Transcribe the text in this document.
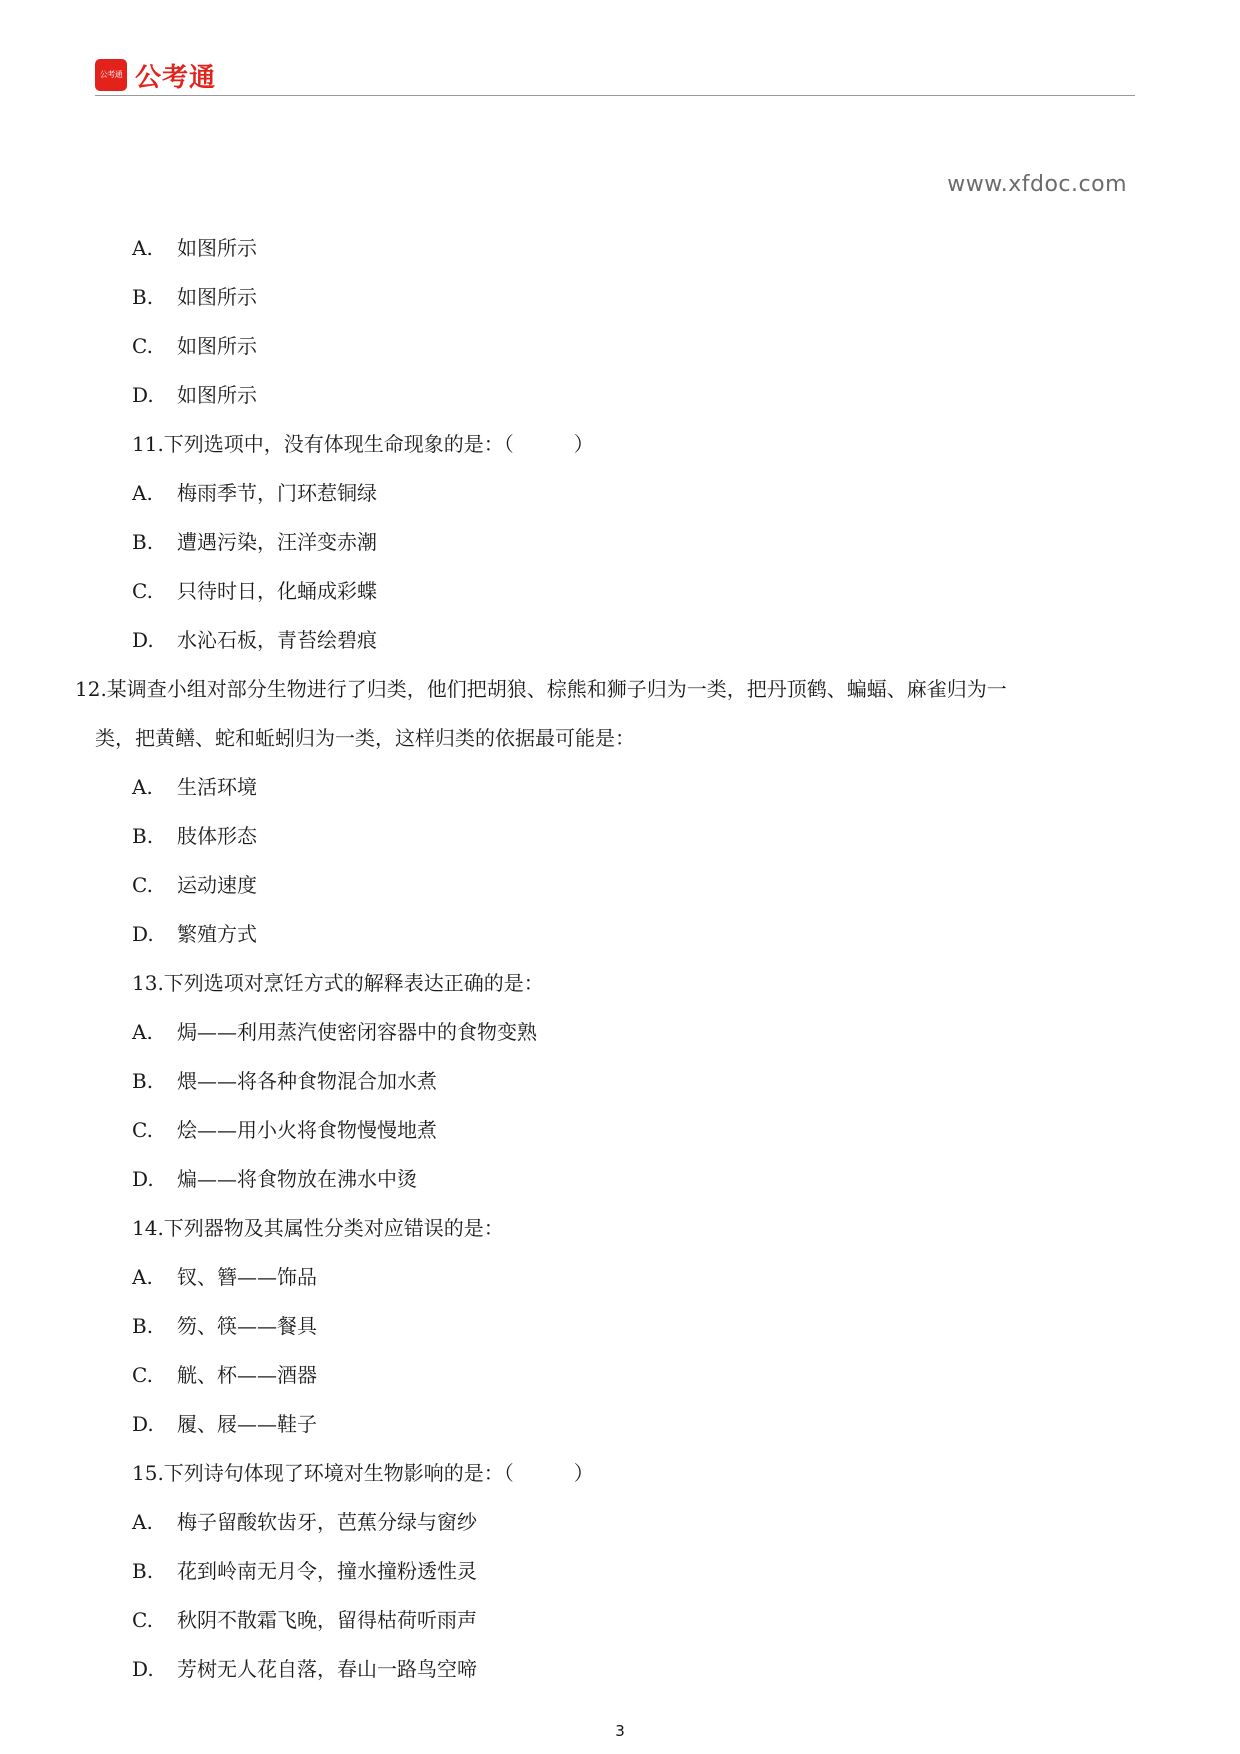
公考通 公考通
www.xfdoc.com
A. 如图所示
B. 如图所示
C. 如图所示
D. 如图所示
11.下列选项中，没有体现生命现象的是：（　　　）
A. 梅雨季节，门环惹铜绿
B. 遭遇污染，汪洋变赤潮
C. 只待时日，化蛹成彩蝶
D. 水沁石板，青苔绘碧痕
12.某调查小组对部分生物进行了归类，他们把胡狼、棕熊和狮子归为一类，把丹顶鹤、蝙蝠、麻雀归为一
类，把黄鳝、蛇和蚯蚓归为一类，这样归类的依据最可能是：
A. 生活环境
B. 肢体形态
C. 运动速度
D. 繁殖方式
13.下列选项对烹饪方式的解释表达正确的是：
A. 焗——利用蒸汽使密闭容器中的食物变熟
B. 煨——将各种食物混合加水煮
C. 烩——用小火将食物慢慢地煮
D. 煸——将食物放在沸水中烫
14.下列器物及其属性分类对应错误的是：
A. 钗、簪——饰品
B. 笏、筷——餐具
C. 觥、杯——酒器
D. 履、屐——鞋子
15.下列诗句体现了环境对生物影响的是：（　　　）
A. 梅子留酸软齿牙，芭蕉分绿与窗纱
B. 花到岭南无月令，撞水撞粉透性灵
C. 秋阴不散霜飞晚，留得枯荷听雨声
D. 芳树无人花自落，春山一路鸟空啼
3
